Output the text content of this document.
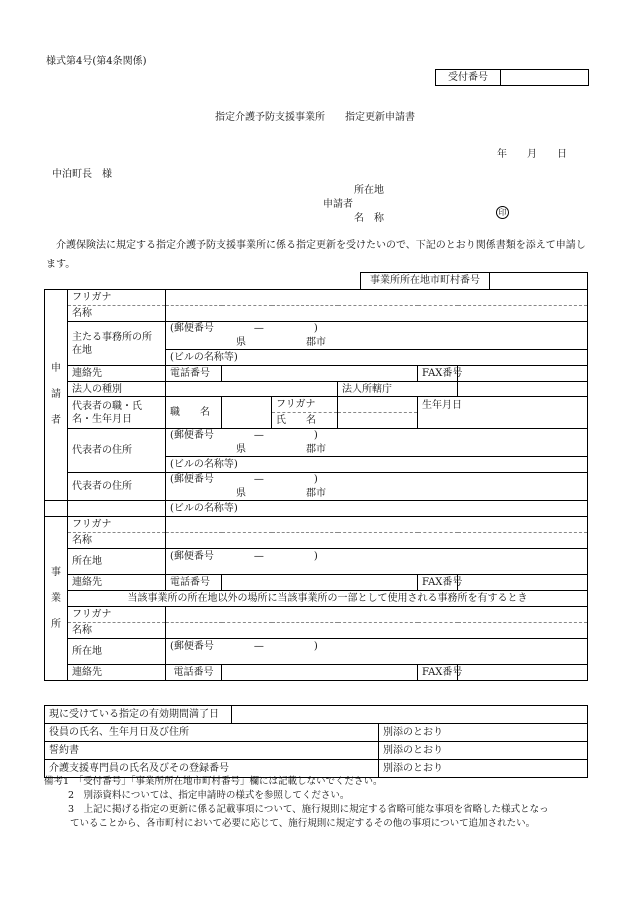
様式第4号(第4条関係)
受付番号
指定介護予防支援事業所　　指定更新申請書
年　　月　　日
中泊町長　様
所在地
申請者
名　称
印
介護保険法に規定する指定介護予防支援事業所に係る指定更新を受けたいので、下記のとおり関係書類を添えて申請します。
事業所所在地市町村番号
申
請
者	フリガナ						
	名称						
	主たる事務所の所在地	(郵便番号　　　　—　　　　　)					
		県　　　　　　郡市					
		(ビルの名称等)					
	連絡先	電話番号				FAX番号	
	法人の種別				法人所轄庁		
	代表者の職・氏名・生年月日	職　　名		フリガナ		生年月日	
				氏　　名			
	代表者の住所	(郵便番号　　　　—　　　　　)					
		県　　　　　　郡市					
		(ビルの名称等)					
	代表者の住所	(郵便番号　　　　—　　　　　)					
		県　　　　　　郡市					
		(ビルの名称等)					
事
業
所	フリガナ						
	名称						
	所在地	(郵便番号　　　　—　　　　　)					
	連絡先	電話番号				FAX番号	
	当該事業所の所在地以外の場所に当該事業所の一部として使用される事務所を有するとき						
	フリガナ						
	名称						
	所在地	(郵便番号　　　　—　　　　　)					
	連絡先	電話番号				FAX番号	
現に受けている指定の有効期間満了日		
役員の氏名、生年月日及び住所		別添のとおり
誓約書		別添のとおり
介護支援専門員の氏名及びその登録番号		別添のとおり
備考1　「受付番号」「事業所所在地市町村番号」欄には記載しないでください。
2　別添資料については、指定申請時の様式を参照してください。
3　上記に掲げる指定の更新に係る記載事項について、施行規則に規定する省略可能な事項を省略した様式となっ
ていることから、各市町村において必要に応じて、施行規則に規定するその他の事項について追加されたい。
